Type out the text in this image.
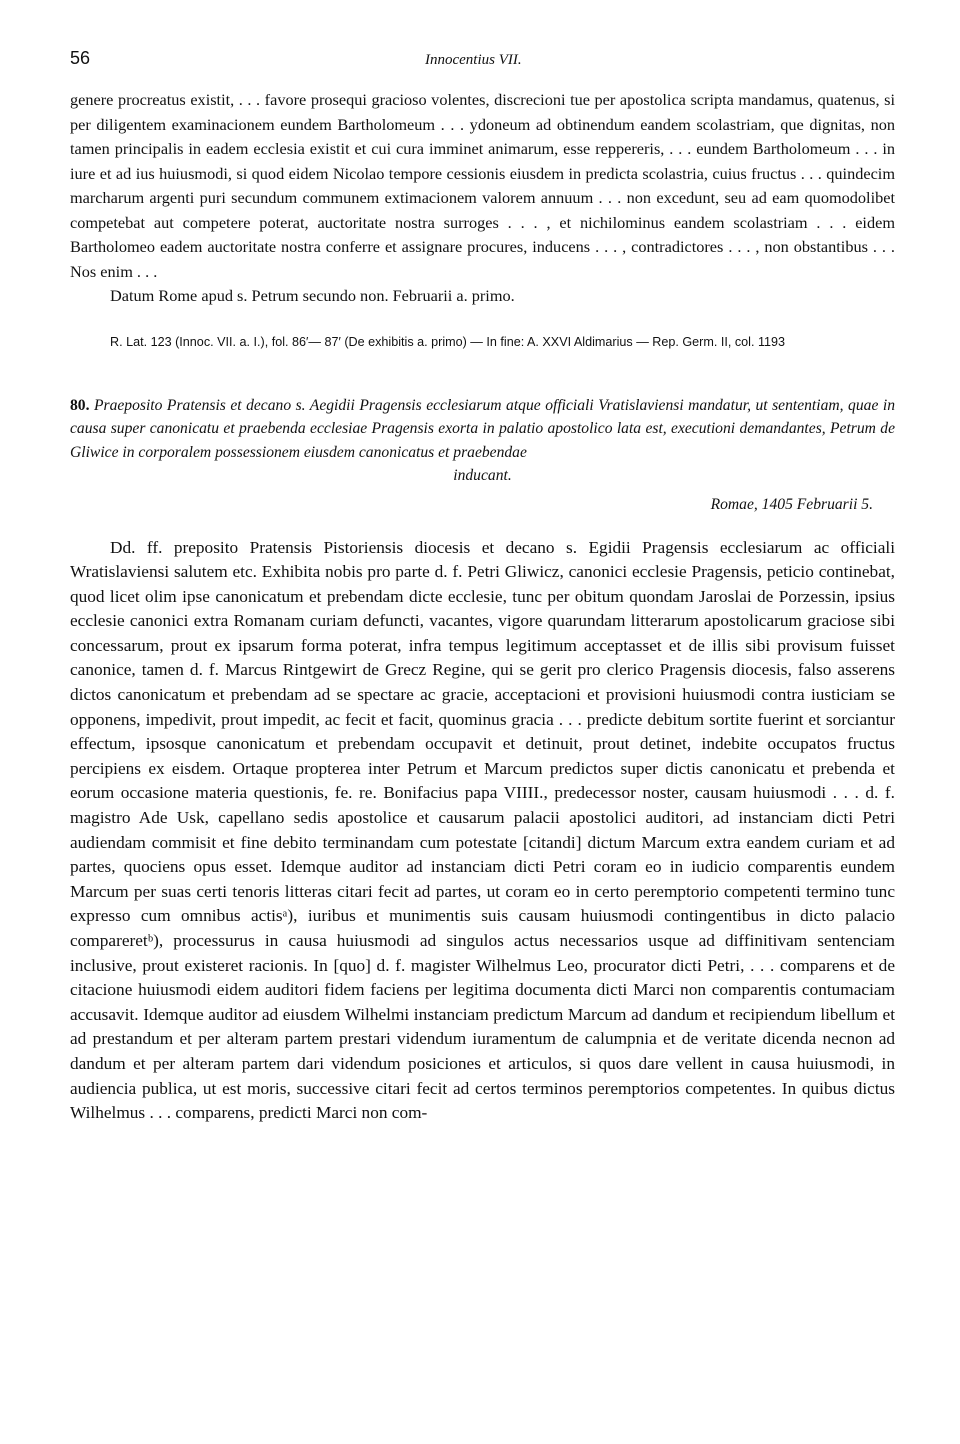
56	Innocentius VII.

genere procreatus existit, . . . favore prosequi gracioso volentes, discrecioni tue per apostolica scripta mandamus, quatenus, si per diligentem examinacionem eundem Bartholomeum . . . ydoneum ad obtinendum eandem scolastriam, que dignitas, non tamen principalis in eadem ecclesia existit et cui cura imminet animarum, esse reppereris, . . . eundem Bartholomeum . . . in iure et ad ius huiusmodi, si quod eidem Nicolao tempore cessionis eiusdem in predicta scolastria, cuius fructus . . . quindecim marcharum argenti puri secundum communem extimacionem valorem annuum . . . non excedunt, seu ad eam quomodolibet competebat aut competere poterat, auctoritate nostra surroges . . . , et nichilominus eandem scolastriam . . . eidem Bartholomeo eadem auctoritate nostra conferre et assignare procures, inducens . . . , contradictores . . . , non obstantibus . . . Nos enim . . .

Datum Rome apud s. Petrum secundo non. Februarii a. primo.

R. Lat. 123 (Innoc. VII. a. I.), fol. 86′— 87′ (De exhibitis a. primo) — In fine: A. XXVI Aldimarius — Rep. Germ. II, col. 1193

80. Praeposito Pratensis et decano s. Aegidii Pragensis ecclesiarum atque officiali Vratislaviensi mandatur, ut sententiam, quae in causa super canonicatu et praebenda ecclesiae Pragensis exorta in palatio apostolico lata est, executioni demandantes, Petrum de Gliwice in corporalem possessionem eiusdem canonicatus et praebendae

inducant.

Romae, 1405 Februarii 5.
Dd. ff. preposito Pratensis Pistoriensis diocesis et decano s. Egidii Pragensis ecclesiarum ac officiali Wratislaviensi salutem etc. Exhibita nobis pro parte d. f. Petri Gliwicz, canonici ecclesie Pragensis, peticio continebat, quod licet olim ipse canonicatum et prebendam dicte ecclesie, tunc per obitum quondam Jaroslai de Porzessin, ipsius ecclesie canonici extra Romanam curiam defuncti, vacantes, vigore quarundam litterarum apostolicarum graciose sibi concessarum, prout ex ipsarum forma poterat, infra tempus legitimum acceptasset et de illis sibi provisum fuisset canonice, tamen d. f. Marcus Rintgewirt de Grecz Regine, qui se gerit pro clerico Pragensis diocesis, falso asserens dictos canonicatum et prebendam ad se spectare ac gracie, acceptacioni et provisioni huiusmodi contra iusticiam se opponens, impedivit, prout impedit, ac fecit et facit, quominus gracia . . . predicte debitum sortite fuerint et sorciantur effectum, ipsosque canonicatum et prebendam occupavit et detinuit, prout detinet, indebite occupatos fructus percipiens ex eisdem. Ortaque propterea inter Petrum et Marcum predictos super dictis canonicatu et prebenda et eorum occasione materia questionis, fe. re. Bonifacius papa VIIII., predecessor noster, causam huiusmodi . . . d. f. magistro Ade Usk, capellano sedis apostolice et causarum palacii apostolici auditori, ad instanciam dicti Petri audiendam commisit et fine debito terminandam cum potestate [citandi] dictum Marcum extra eandem curiam et ad partes, quociens opus esset. Idemque auditor ad instanciam dicti Petri coram eo in iudicio comparentis eundem Marcum per suas certi tenoris litteras citari fecit ad partes, ut coram eo in certo peremptorio competenti termino tunc expresso cum omnibus actisᵃ), iuribus et munimentis suis causam huiusmodi contingentibus in dicto palacio compareretᵇ), processurus in causa huiusmodi ad singulos actus necessarios usque ad diffinitivam sentenciam inclusive, prout existeret racionis. In [quo] d. f. magister Wilhelmus Leo, procurator dicti Petri, . . . comparens et de citacione huiusmodi eidem auditori fidem faciens per legitima documenta dicti Marci non comparentis contumaciam accusavit. Idemque auditor ad eiusdem Wilhelmi instanciam predictum Marcum ad dandum et recipiendum libellum et ad prestandum et per alteram partem prestari videndum iuramentum de calumpnia et de veritate dicenda necnon ad dandum et per alteram partem dari videndum posiciones et articulos, si quos dare vellent in causa huiusmodi, in audiencia publica, ut est moris, successive citari fecit ad certos terminos peremptorios competentes. In quibus dictus Wilhelmus . . . comparens, predicti Marci non com-
